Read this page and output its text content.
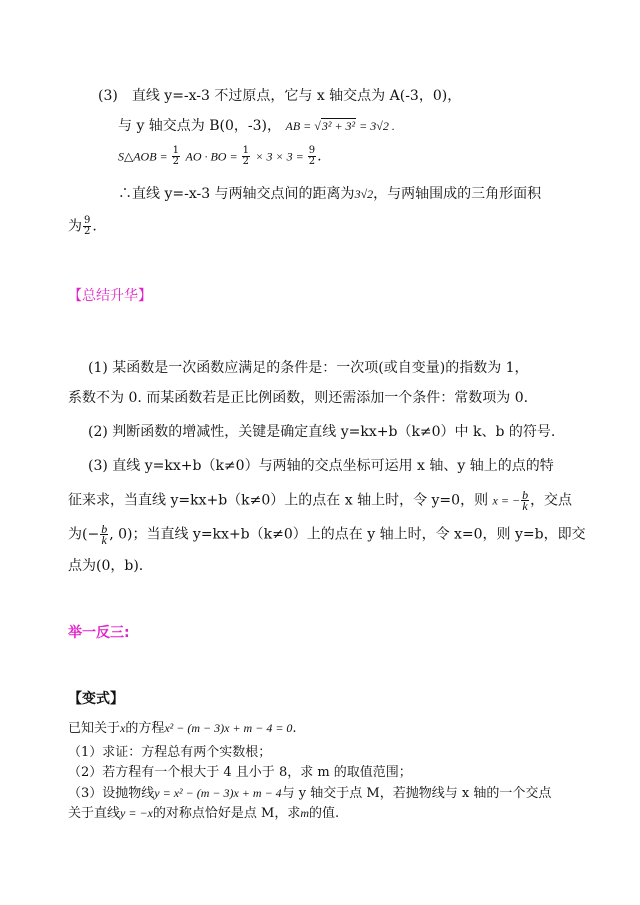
(3)　直线 y=-x-3 不过原点，它与 x 轴交点为 A(-3，0)，
与 y 轴交点为 B(0，-3)， AB = √3² + 3² = 3√2 .
S△AOB = $\frac{1}{2}$ AO · BO = $\frac{1}{2} \times 3 \times 3 = \frac{9}{2}$ .
∴直线 y=-x-3 与两轴交点间的距离为3√2，与两轴围成的三角形面积
为 $\frac{9}{2}$ .
【总结升华】
(1) 某函数是一次函数应满足的条件是：一次项(或自变量)的指数为 1，
系数不为 0. 而某函数若是正比例函数，则还需添加一个条件：常数项为 0.
(2) 判断函数的增减性，关键是确定直线 y=kx+b（k≠0）中 k、b 的符号.
(3) 直线 y=kx+b（k≠0）与两轴的交点坐标可运用 x 轴、y 轴上的点的特
征来求，当直线 y=kx+b（k≠0）上的点在 x 轴上时，令 y=0，则 x = − $\frac{b}{k}$ ，交点
为(− $\frac{b}{k}$ , 0)；当直线 y=kx+b（k≠0）上的点在 y 轴上时，令 x=0，则 y=b，即交
点为(0，b).
举一反三:
【变式】
已知关于x的方程x² − (m − 3)x + m − 4 = 0.
（1）求证：方程总有两个实数根；
（2）若方程有一个根大于 4 且小于 8，求 m 的取值范围；
（3）设抛物线y = x² − (m − 3)x + m − 4与 y 轴交于点 M，若抛物线与 x 轴的一个交点
关于直线y = −x的对称点恰好是点 M，求m的值.
